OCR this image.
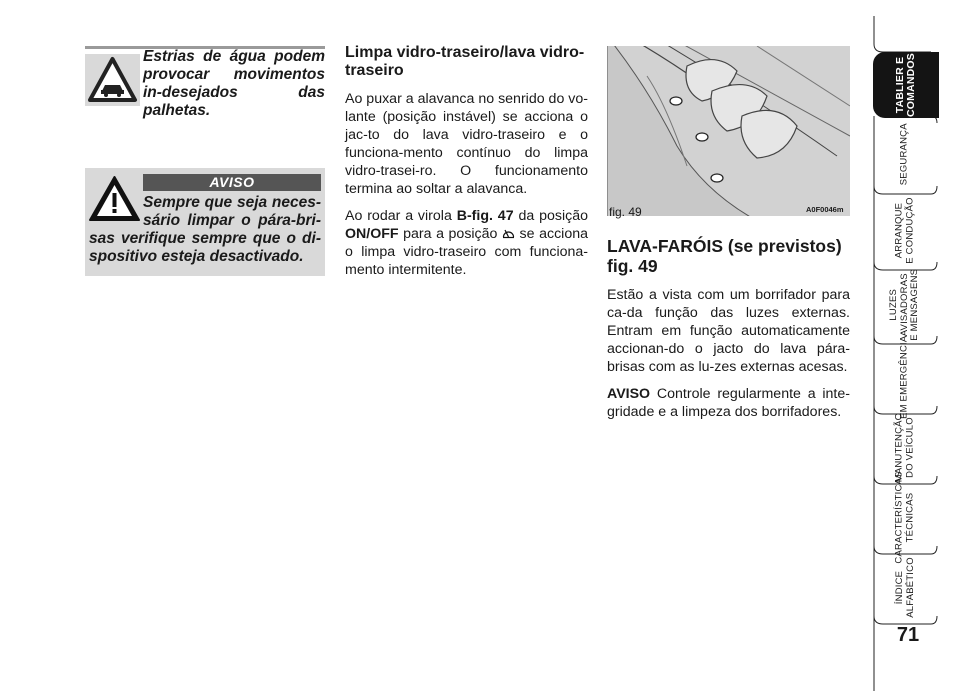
Estrias de água podem provocar movimentos in-desejados das palhetas.
AVISO
Sempre que seja neces-sário limpar o pára-bri-sas verifique sempre que o di-spositivo esteja desactivado.
Limpa vidro-traseiro/lava vidro-traseiro

Ao puxar a alavanca no senrido do vo-lante (posição instável) se acciona o jac-to do lava vidro-traseiro e o funciona-mento contínuo do limpa vidro-trasei-ro. O funcionamento termina ao soltar a alavanca.

Ao rodar a virola B-fig. 47 da posição ON/OFF para a posição  se acciona o limpa vidro-traseiro com funciona-mento intermitente.

fig. 49	A0F0046m
LAVA-FARÓIS (se previstos) fig. 49

Estão a vista com um borrifador para ca-da função das luzes externas. Entram em função automaticamente accionan-do o jacto do lava pára-brisas com as lu-zes externas acesas.

AVISO Controle regularmente a inte-gridade e a limpeza dos borrifadores.

TABLIER E
COMANDOS
SEGURANÇA
ARRANQUE
E CONDUÇÃO
LUZES
AVISADORAS
E MENSAGENS
EM EMERGÊNCIA
MANUTENÇÃO
DO VEÍCULO
CARACTERÍSTICAS
TÉCNICAS
ÍNDICE
ALFABÉTICO
71
